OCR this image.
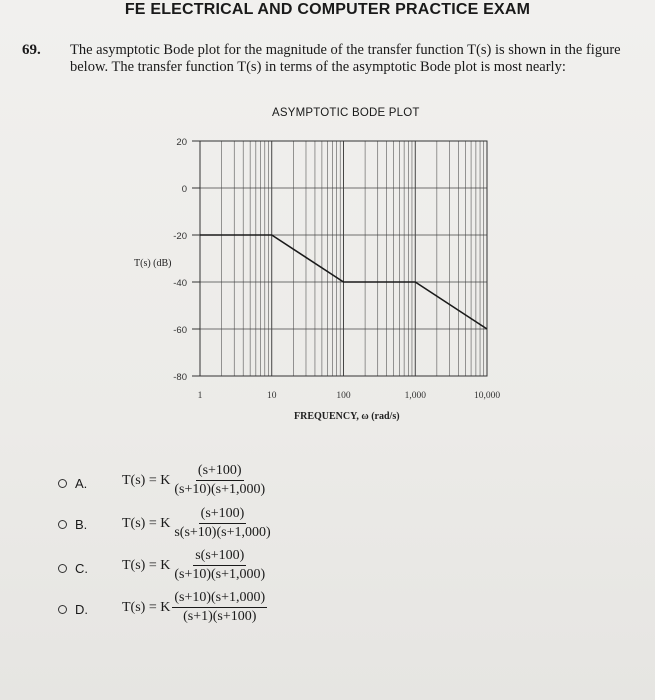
FE ELECTRICAL AND COMPUTER PRACTICE EXAM
69. The asymptotic Bode plot for the magnitude of the transfer function T(s) is shown in the figure below. The transfer function T(s) in terms of the asymptotic Bode plot is most nearly:
ASYMPTOTIC BODE PLOT
20
0
-20
-40
-60
-80
1	10	100	1,000	10,000
T(s) (dB)
FREQUENCY, ω (rad/s)
A.	T(s) = K $\frac{(s+100)}{(s+10)(s+1,000)}$
B.	T(s) = K $\frac{(s+100)}{s(s+10)(s+1,000)}$
C.	T(s) = K $\frac{s(s+100)}{(s+10)(s+1,000)}$
D.	T(s) = K $\frac{(s+10)(s+1,000)}{(s+1)(s+100)}$
